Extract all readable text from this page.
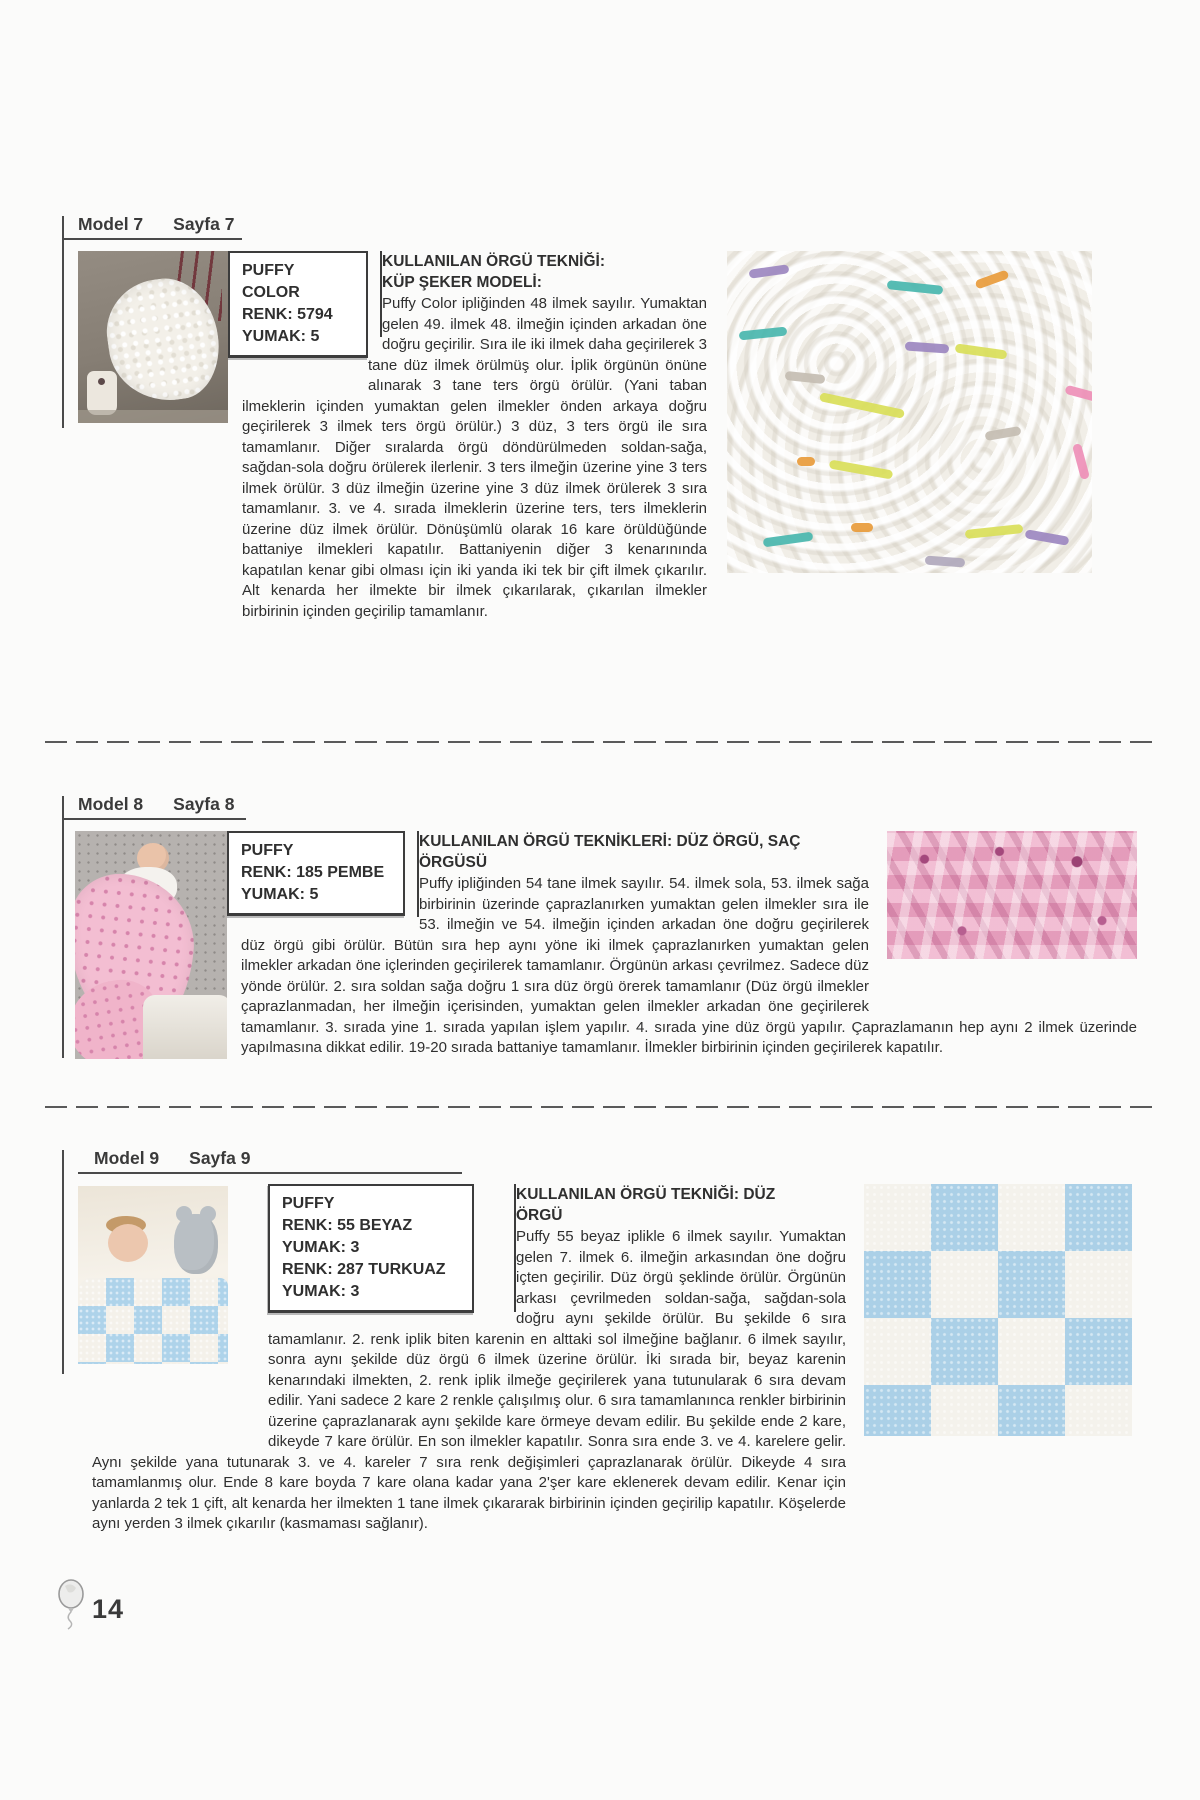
Model 7 Sayfa 7
PUFFY COLOR
RENK: 5794
YUMAK: 5
KULLANILAN ÖRGÜ TEKNİĞİ:
KÜP ŞEKER MODELİ:

Puffy Color ipliğinden 48 ilmek sayılır. Yumaktan gelen 49. ilmek 48. ilmeğin içinden arkadan öne doğru geçirilir. Sıra ile iki ilmek daha geçirilerek 3 tane düz ilmek örülmüş olur. İplik örgünün önüne alınarak 3 tane ters örgü örülür. (Yani taban ilmeklerin içinden yumaktan gelen ilmekler önden arkaya doğru geçirilerek 3 ilmek ters örgü örülür.) 3 düz, 3 ters örgü ile sıra tamamlanır. Diğer sıralarda örgü döndürülmeden soldan-sağa, sağdan-sola doğru örülerek ilerlenir. 3 ters ilmeğin üzerine yine 3 ters ilmek örülür. 3 düz ilmeğin üzerine yine 3 düz ilmek örülerek 3 sıra tamamlanır. 3. ve 4. sırada ilmeklerin üzerine ters, ters ilmeklerin üzerine düz ilmek örülür. Dönüşümlü olarak 16 kare örüldüğünde battaniye ilmekleri kapatılır. Battaniyenin diğer 3 kenarınında kapatılan kenar gibi olması için iki yanda iki tek bir çift ilmek çıkarılır. Alt kenarda her ilmekte bir ilmek çıkarılarak, çıkarılan ilmekler birbirinin içinden geçirilip tamamlanır.

Model 8 Sayfa 8
PUFFY
RENK: 185 PEMBE
YUMAK: 5
KULLANILAN ÖRGÜ TEKNİKLERİ: DÜZ ÖRGÜ, SAÇ
ÖRGÜSÜ

Puffy ipliğinden 54 tane ilmek sayılır. 54. ilmek sola, 53. ilmek sağa birbirinin üzerinde çaprazlanırken yumaktan gelen ilmekler sıra ile 53. ilmeğin ve 54. ilmeğin içinden arkadan öne doğru geçirilerek düz örgü gibi örülür. Bütün sıra hep aynı yöne iki ilmek çaprazlanırken yumaktan gelen ilmekler arkadan öne içlerinden geçirilerek tamamlanır. Örgünün arkası çevrilmez. Sadece düz yönde örülür. 2. sıra soldan sağa doğru 1 sıra düz örgü örerek tamamlanır (Düz örgü ilmekler çaprazlanmadan, her ilmeğin içerisinden, yumaktan gelen ilmekler arkadan öne geçirilerek tamamlanır. 3. sırada yine 1. sırada yapılan işlem yapılır. 4. sırada yine düz örgü yapılır. Çaprazlamanın hep aynı 2 ilmek üzerinde yapılmasına dikkat edilir. 19-20 sırada battaniye tamamlanır. İlmekler birbirinin içinden geçirilerek kapatılır.

Model 9 Sayfa 9
PUFFY
RENK: 55 BEYAZ
YUMAK: 3
RENK: 287 TURKUAZ
YUMAK: 3
KULLANILAN ÖRGÜ TEKNİĞİ: DÜZ
ÖRGÜ

Puffy 55 beyaz iplikle 6 ilmek sayılır. Yumaktan gelen 7. ilmek 6. ilmeğin arkasından öne doğru içten geçirilir. Düz örgü şeklinde örülür. Örgünün arkası çevrilmeden soldan-sağa, sağdan-sola doğru aynı şekilde örülür. Bu şekilde 6 sıra tamamlanır. 2. renk iplik biten karenin en alttaki sol ilmeğine bağlanır. 6 ilmek sayılır, sonra aynı şekilde düz örgü 6 ilmek üzerine örülür. İki sırada bir, beyaz karenin kenarındaki ilmekten, 2. renk iplik ilmeğe geçirilerek yana tutunularak 6 sıra devam edilir. Yani sadece 2 kare 2 renkle çalışılmış olur. 6 sıra tamamlanınca renkler birbirinin üzerine çaprazlanarak aynı şekilde kare örmeye devam edilir. Bu şekilde ende 2 kare, dikeyde 7 kare örülür. En son ilmekler kapatılır. Sonra sıra ende 3. ve 4. karelere gelir. Aynı şekilde yana tutunarak 3. ve 4. kareler 7 sıra renk değişimleri çaprazlanarak örülür. Dikeyde 4 sıra tamamlanmış olur. Ende 8 kare boyda 7 kare olana kadar yana 2'şer kare eklenerek devam edilir. Kenar için yanlarda 2 tek 1 çift, alt kenarda her ilmekten 1 tane ilmek çıkararak birbirinin içinden geçirilip kapatılır. Köşelerde aynı yerden 3 ilmek çıkarılır (kasmaması sağlanır).

14
